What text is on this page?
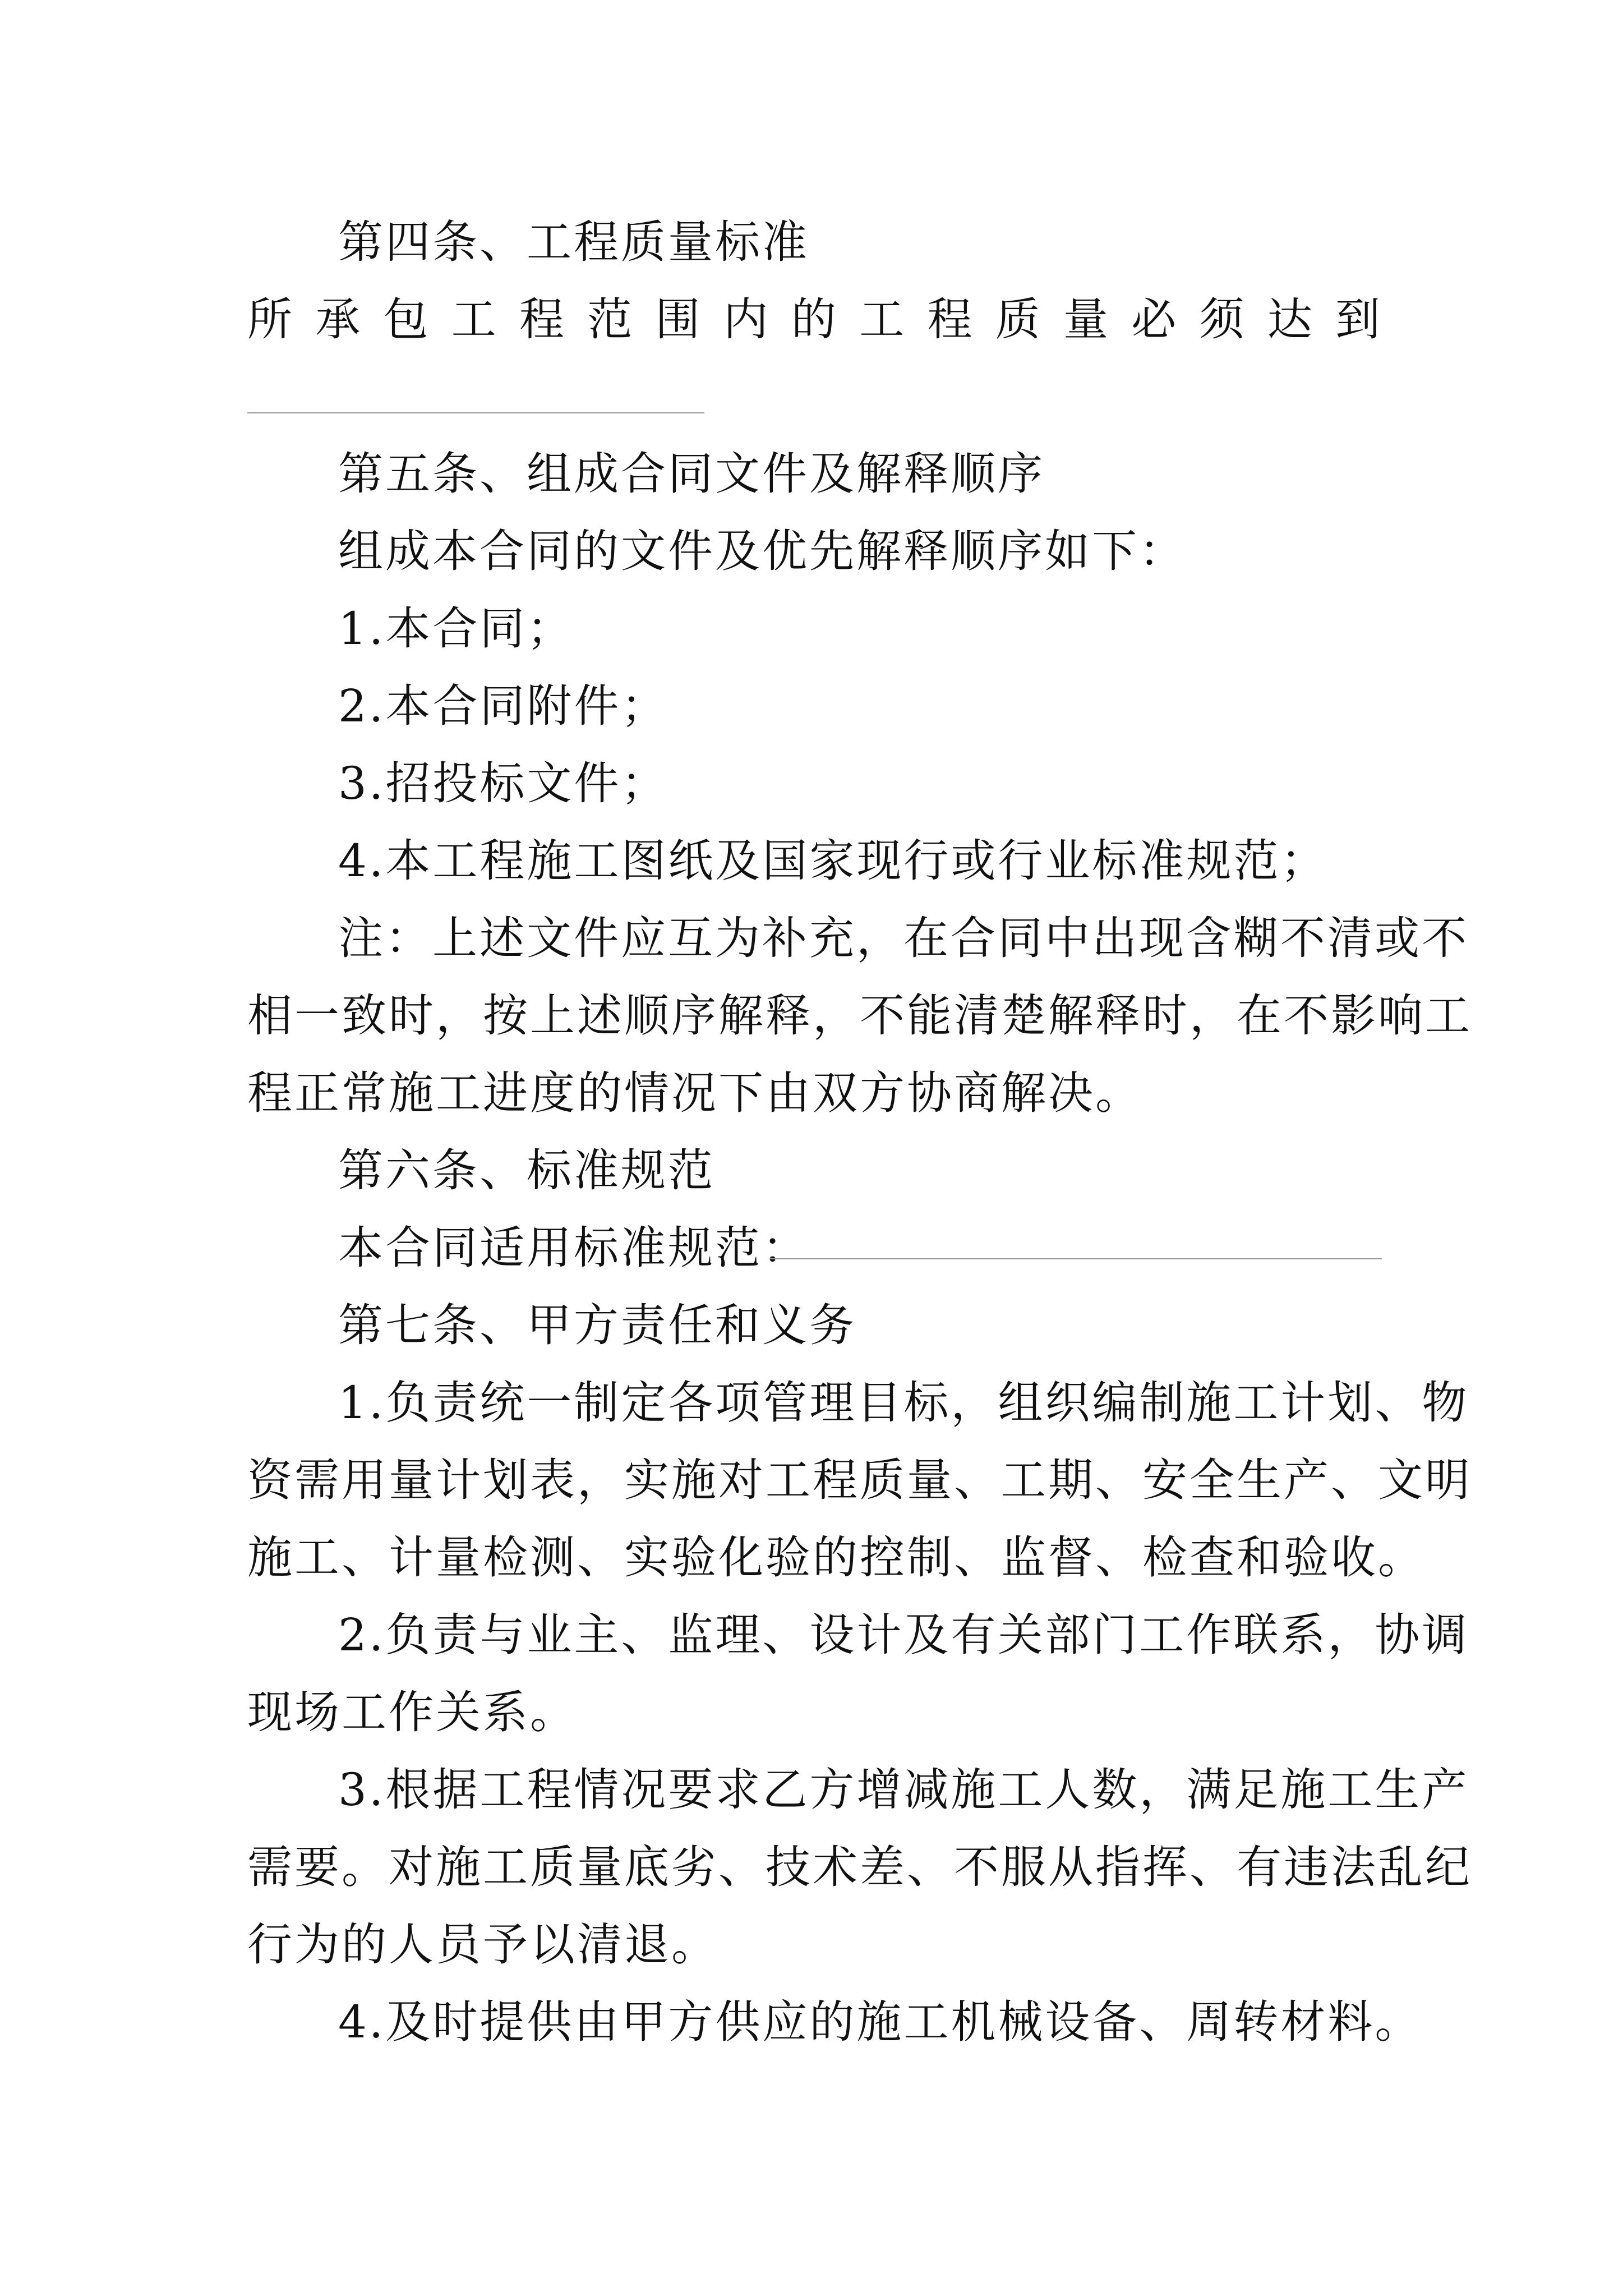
第四条、工程质量标准
所 承 包 工 程 范 围 内 的 工 程 质 量 必 须 达 到
第五条、组成合同文件及解释顺序
组成本合同的文件及优先解释顺序如下：
1.本合同；
2.本合同附件；
3.招投标文件；
4.本工程施工图纸及国家现行或行业标准规范；
注：上述文件应互为补充，在合同中出现含糊不清或不
相一致时，按上述顺序解释，不能清楚解释时，在不影响工
程正常施工进度的情况下由双方协商解决。
第六条、标准规范
本合同适用标准规范：
第七条、甲方责任和义务
1.负责统一制定各项管理目标，组织编制施工计划、物
资需用量计划表，实施对工程质量、工期、安全生产、文明
施工、计量检测、实验化验的控制、监督、检查和验收。
2.负责与业主、监理、设计及有关部门工作联系，协调
现场工作关系。
3.根据工程情况要求乙方增减施工人数，满足施工生产
需要。对施工质量底劣、技术差、不服从指挥、有违法乱纪
行为的人员予以清退。
4.及时提供由甲方供应的施工机械设备、周转材料。
